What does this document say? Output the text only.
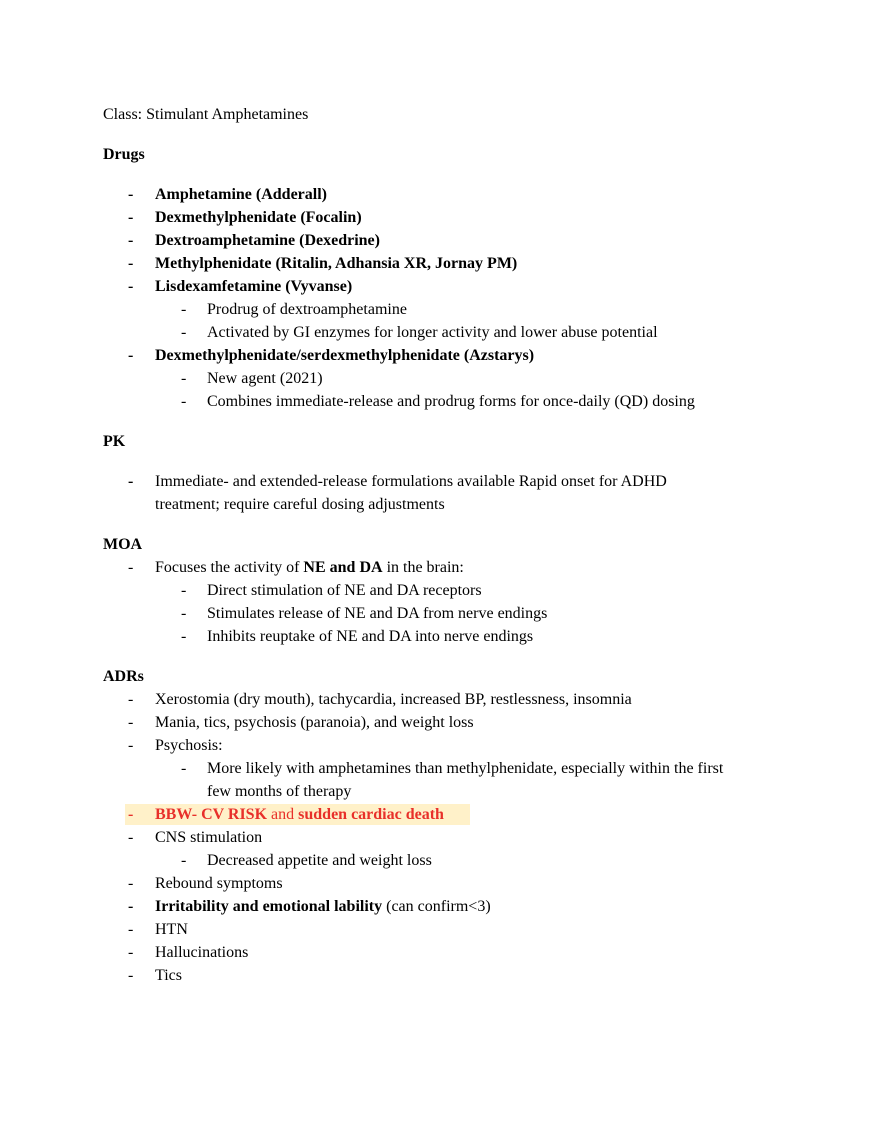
Class: Stimulant Amphetamines
Drugs
- Amphetamine (Adderall)
- Dexmethylphenidate (Focalin)
- Dextroamphetamine (Dexedrine)
- Methylphenidate (Ritalin, Adhansia XR, Jornay PM)
- Lisdexamfetamine (Vyvanse)
- Prodrug of dextroamphetamine
- Activated by GI enzymes for longer activity and lower abuse potential
- Dexmethylphenidate/serdexmethylphenidate (Azstarys)
- New agent (2021)
- Combines immediate-release and prodrug forms for once-daily (QD) dosing
PK
- Immediate- and extended-release formulations available Rapid onset for ADHD
treatment; require careful dosing adjustments
MOA
- Focuses the activity of NE and DA in the brain:
- Direct stimulation of NE and DA receptors
- Stimulates release of NE and DA from nerve endings
- Inhibits reuptake of NE and DA into nerve endings
ADRs
- Xerostomia (dry mouth), tachycardia, increased BP, restlessness, insomnia
- Mania, tics, psychosis (paranoia), and weight loss
- Psychosis:
- More likely with amphetamines than methylphenidate, especially within the first
few months of therapy
- BBW- CV RISK and sudden cardiac death
- CNS stimulation
- Decreased appetite and weight loss
- Rebound symptoms
- Irritability and emotional lability (can confirm<3)
- HTN
- Hallucinations
- Tics
